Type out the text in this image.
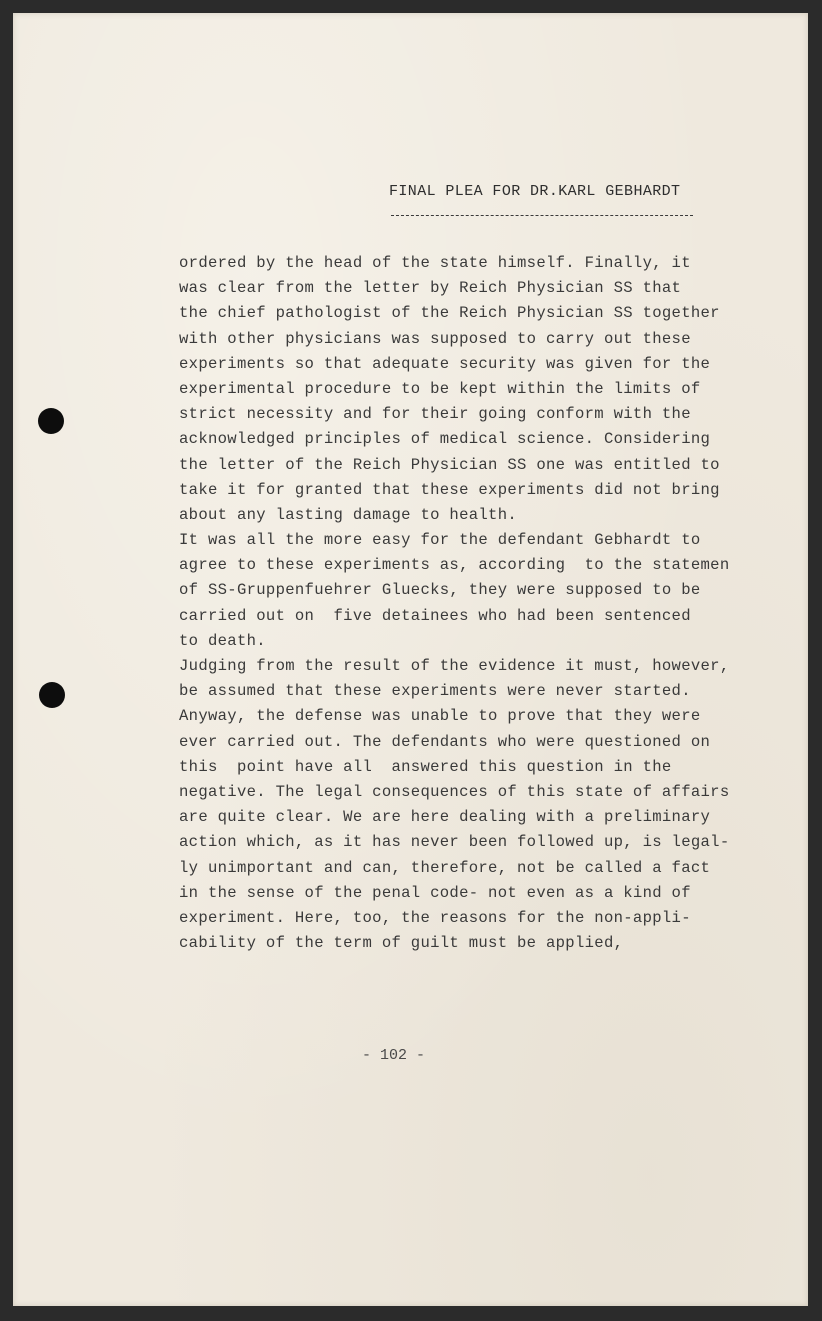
FINAL PLEA FOR DR.KARL GEBHARDT
ordered by the head of the state himself. Finally, it
was clear from the letter by Reich Physician SS that
the chief pathologist of the Reich Physician SS together
with other physicians was supposed to carry out these
experiments so that adequate security was given for the
experimental procedure to be kept within the limits of
strict necessity and for their going conform with the
acknowledged principles of medical science. Considering
the letter of the Reich Physician SS one was entitled to
take it for granted that these experiments did not bring
about any lasting damage to health.
It was all the more easy for the defendant Gebhardt to
agree to these experiments as, according  to the statemen
of SS-Gruppenfuehrer Gluecks, they were supposed to be
carried out on  five detainees who had been sentenced
to death.
Judging from the result of the evidence it must, however,
be assumed that these experiments were never started.
Anyway, the defense was unable to prove that they were
ever carried out. The defendants who were questioned on
this  point have all  answered this question in the
negative. The legal consequences of this state of affairs
are quite clear. We are here dealing with a preliminary
action which, as it has never been followed up, is legal-
ly unimportant and can, therefore, not be called a fact
in the sense of the penal code- not even as a kind of
experiment. Here, too, the reasons for the non-appli-
cability of the term of guilt must be applied,
- 102 -
